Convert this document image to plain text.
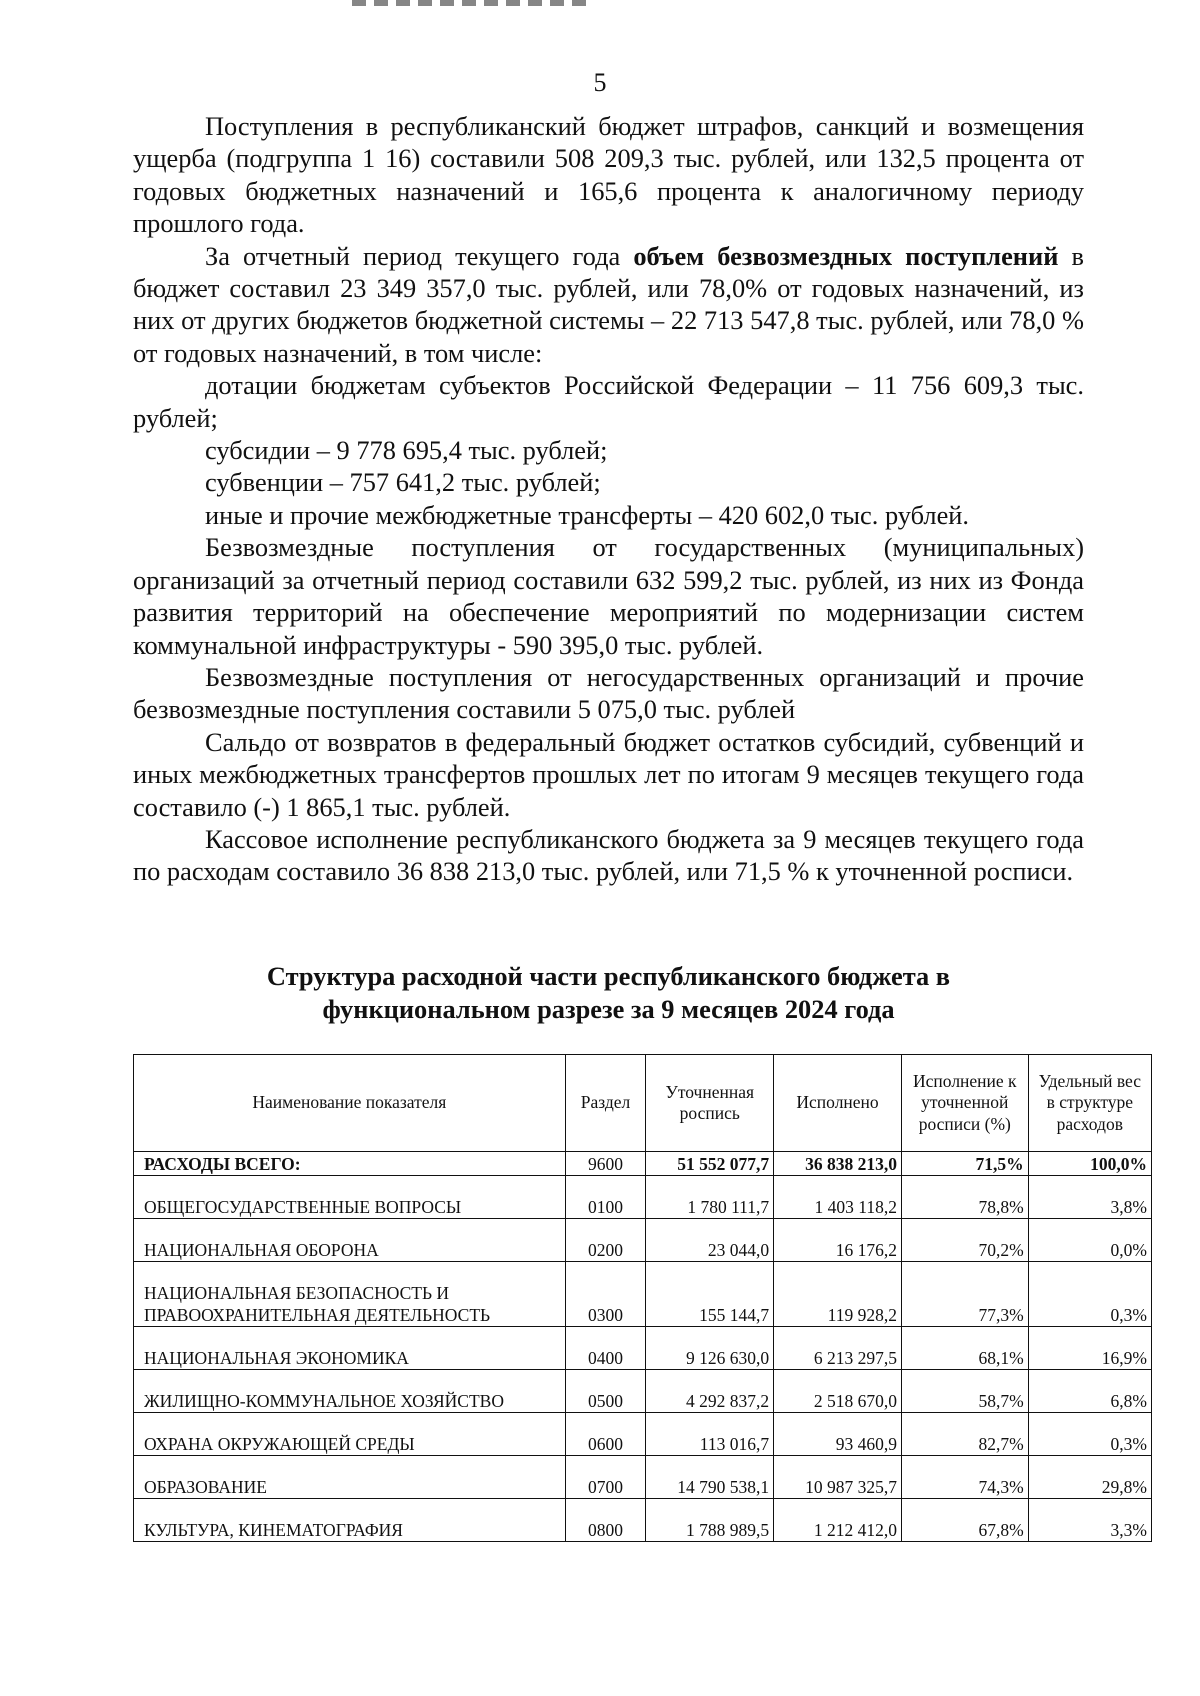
5

Поступления в республиканский бюджет штрафов, санкций и возмещения ущерба (подгруппа 1 16) составили 508 209,3 тыс. рублей, или 132,5 процента от годовых бюджетных назначений и 165,6 процента к аналогичному периоду прошлого года.

За отчетный период текущего года объем безвозмездных поступлений в бюджет составил 23 349 357,0 тыс. рублей, или 78,0% от годовых назначений, из них от других бюджетов бюджетной системы – 22 713 547,8 тыс. рублей, или 78,0 % от годовых назначений, в том числе:

дотации бюджетам субъектов Российской Федерации – 11 756 609,3 тыс. рублей;

субсидии – 9 778 695,4 тыс. рублей;

субвенции – 757 641,2 тыс. рублей;

иные и прочие межбюджетные трансферты – 420 602,0 тыс. рублей.

Безвозмездные поступления от государственных (муниципальных) организаций за отчетный период составили 632 599,2 тыс. рублей, из них из Фонда развития территорий на обеспечение мероприятий по модернизации систем коммунальной инфраструктуры - 590 395,0 тыс. рублей.

Безвозмездные поступления от негосударственных организаций и прочие безвозмездные поступления составили 5 075,0 тыс. рублей

Сальдо от возвратов в федеральный бюджет остатков субсидий, субвенций и иных межбюджетных трансфертов прошлых лет по итогам 9 месяцев текущего года составило (-) 1 865,1 тыс. рублей.

Кассовое исполнение республиканского бюджета за 9 месяцев текущего года по расходам составило 36 838 213,0 тыс. рублей, или 71,5 % к уточненной росписи.

Структура расходной части республиканского бюджета в
функциональном разрезе за 9 месяцев 2024 года
Наименование показателя	Раздел	Уточненная роспись	Исполнено	Исполнение к уточненной росписи (%)	Удельный вес в структуре расходов
РАСХОДЫ ВСЕГО:	9600	51 552 077,7	36 838 213,0	71,5%	100,0%
ОБЩЕГОСУДАРСТВЕННЫЕ ВОПРОСЫ	0100	1 780 111,7	1 403 118,2	78,8%	3,8%
НАЦИОНАЛЬНАЯ ОБОРОНА	0200	23 044,0	16 176,2	70,2%	0,0%
НАЦИОНАЛЬНАЯ БЕЗОПАСНОСТЬ И ПРАВООХРАНИТЕЛЬНАЯ ДЕЯТЕЛЬНОСТЬ	0300	155 144,7	119 928,2	77,3%	0,3%
НАЦИОНАЛЬНАЯ ЭКОНОМИКА	0400	9 126 630,0	6 213 297,5	68,1%	16,9%
ЖИЛИЩНО-КОММУНАЛЬНОЕ ХОЗЯЙСТВО	0500	4 292 837,2	2 518 670,0	58,7%	6,8%
ОХРАНА ОКРУЖАЮЩЕЙ СРЕДЫ	0600	113 016,7	93 460,9	82,7%	0,3%
ОБРАЗОВАНИЕ	0700	14 790 538,1	10 987 325,7	74,3%	29,8%
КУЛЬТУРА, КИНЕМАТОГРАФИЯ	0800	1 788 989,5	1 212 412,0	67,8%	3,3%
